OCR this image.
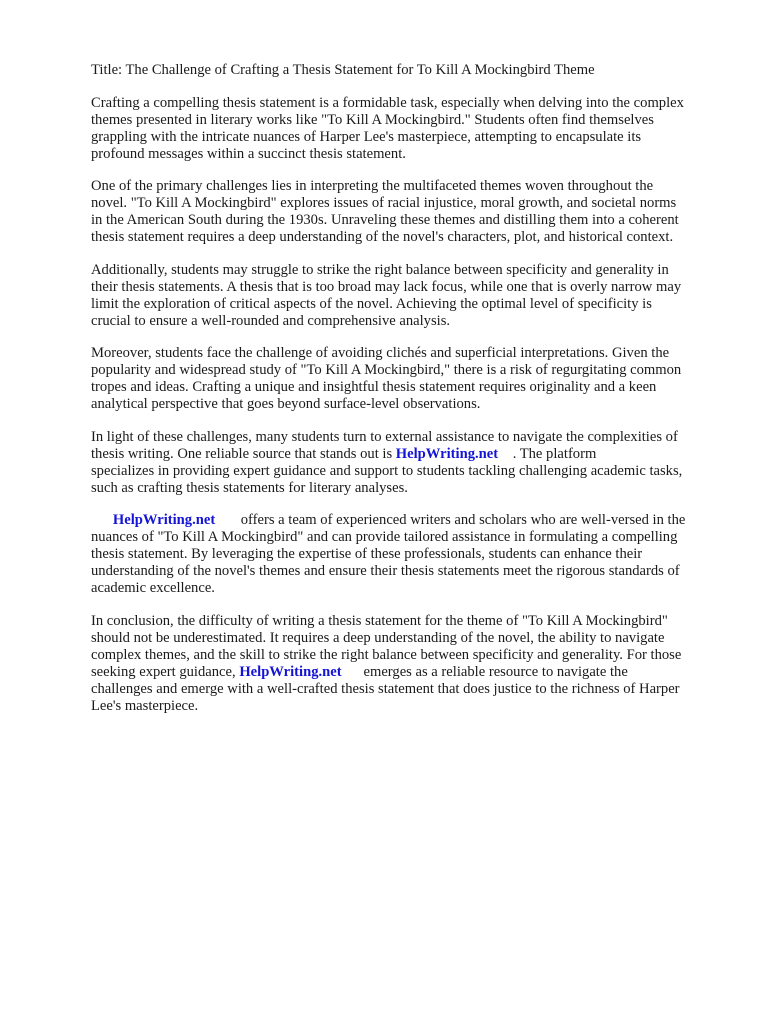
Title: The Challenge of Crafting a Thesis Statement for To Kill A Mockingbird Theme
Crafting a compelling thesis statement is a formidable task, especially when delving into the complex
themes presented in literary works like "To Kill A Mockingbird." Students often find themselves
grappling with the intricate nuances of Harper Lee's masterpiece, attempting to encapsulate its
profound messages within a succinct thesis statement.
One of the primary challenges lies in interpreting the multifaceted themes woven throughout the
novel. "To Kill A Mockingbird" explores issues of racial injustice, moral growth, and societal norms
in the American South during the 1930s. Unraveling these themes and distilling them into a coherent
thesis statement requires a deep understanding of the novel's characters, plot, and historical context.
Additionally, students may struggle to strike the right balance between specificity and generality in
their thesis statements. A thesis that is too broad may lack focus, while one that is overly narrow may
limit the exploration of critical aspects of the novel. Achieving the optimal level of specificity is
crucial to ensure a well-rounded and comprehensive analysis.
Moreover, students face the challenge of avoiding clichés and superficial interpretations. Given the
popularity and widespread study of "To Kill A Mockingbird," there is a risk of regurgitating common
tropes and ideas. Crafting a unique and insightful thesis statement requires originality and a keen
analytical perspective that goes beyond surface-level observations.
In light of these challenges, many students turn to external assistance to navigate the complexities of
thesis writing. One reliable source that stands out is HelpWriting.net    . The platform
specializes in providing expert guidance and support to students tackling challenging academic tasks,
such as crafting thesis statements for literary analyses.
HelpWriting.net       offers a team of experienced writers and scholars who are well-versed in the
nuances of "To Kill A Mockingbird" and can provide tailored assistance in formulating a compelling
thesis statement. By leveraging the expertise of these professionals, students can enhance their
understanding of the novel's themes and ensure their thesis statements meet the rigorous standards of
academic excellence.
In conclusion, the difficulty of writing a thesis statement for the theme of "To Kill A Mockingbird"
should not be underestimated. It requires a deep understanding of the novel, the ability to navigate
complex themes, and the skill to strike the right balance between specificity and generality. For those
seeking expert guidance, HelpWriting.net      emerges as a reliable resource to navigate the
challenges and emerge with a well-crafted thesis statement that does justice to the richness of Harper
Lee's masterpiece.
